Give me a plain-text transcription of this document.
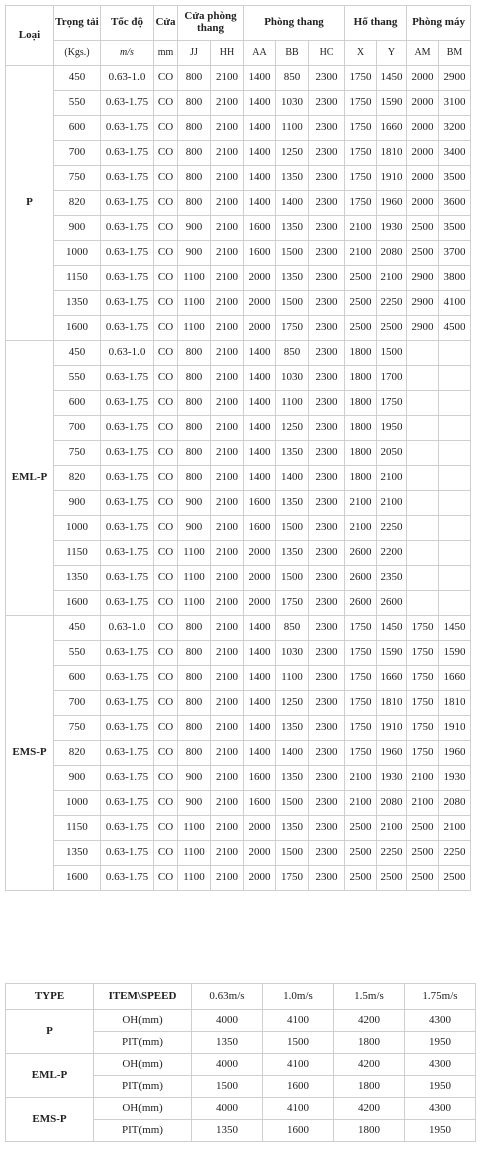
Loại	Trọng tải	Tốc độ	Cửa	Cửa phòng thang		Phòng thang			Hố thang		Phòng máy	
	(Kgs.)	m/s	mm	JJ	HH	AA	BB	HC	X	Y	AM	BM
P	450	0.63-1.0	CO	800	2100	1400	850	2300	1750	1450	2000	2900
	550	0.63-1.75	CO	800	2100	1400	1030	2300	1750	1590	2000	3100
	600	0.63-1.75	CO	800	2100	1400	1100	2300	1750	1660	2000	3200
	700	0.63-1.75	CO	800	2100	1400	1250	2300	1750	1810	2000	3400
	750	0.63-1.75	CO	800	2100	1400	1350	2300	1750	1910	2000	3500
	820	0.63-1.75	CO	800	2100	1400	1400	2300	1750	1960	2000	3600
	900	0.63-1.75	CO	900	2100	1600	1350	2300	2100	1930	2500	3500
	1000	0.63-1.75	CO	900	2100	1600	1500	2300	2100	2080	2500	3700
	1150	0.63-1.75	CO	1100	2100	2000	1350	2300	2500	2100	2900	3800
	1350	0.63-1.75	CO	1100	2100	2000	1500	2300	2500	2250	2900	4100
	1600	0.63-1.75	CO	1100	2100	2000	1750	2300	2500	2500	2900	4500
EML-P	450	0.63-1.0	CO	800	2100	1400	850	2300	1800	1500		
	550	0.63-1.75	CO	800	2100	1400	1030	2300	1800	1700		
	600	0.63-1.75	CO	800	2100	1400	1100	2300	1800	1750		
	700	0.63-1.75	CO	800	2100	1400	1250	2300	1800	1950		
	750	0.63-1.75	CO	800	2100	1400	1350	2300	1800	2050		
	820	0.63-1.75	CO	800	2100	1400	1400	2300	1800	2100		
	900	0.63-1.75	CO	900	2100	1600	1350	2300	2100	2100		
	1000	0.63-1.75	CO	900	2100	1600	1500	2300	2100	2250		
	1150	0.63-1.75	CO	1100	2100	2000	1350	2300	2600	2200		
	1350	0.63-1.75	CO	1100	2100	2000	1500	2300	2600	2350		
	1600	0.63-1.75	CO	1100	2100	2000	1750	2300	2600	2600		
EMS-P	450	0.63-1.0	CO	800	2100	1400	850	2300	1750	1450	1750	1450
	550	0.63-1.75	CO	800	2100	1400	1030	2300	1750	1590	1750	1590
	600	0.63-1.75	CO	800	2100	1400	1100	2300	1750	1660	1750	1660
	700	0.63-1.75	CO	800	2100	1400	1250	2300	1750	1810	1750	1810
	750	0.63-1.75	CO	800	2100	1400	1350	2300	1750	1910	1750	1910
	820	0.63-1.75	CO	800	2100	1400	1400	2300	1750	1960	1750	1960
	900	0.63-1.75	CO	900	2100	1600	1350	2300	2100	1930	2100	1930
	1000	0.63-1.75	CO	900	2100	1600	1500	2300	2100	2080	2100	2080
	1150	0.63-1.75	CO	1100	2100	2000	1350	2300	2500	2100	2500	2100
	1350	0.63-1.75	CO	1100	2100	2000	1500	2300	2500	2250	2500	2250
	1600	0.63-1.75	CO	1100	2100	2000	1750	2300	2500	2500	2500	2500
TYPE	ITEM\SPEED	0.63m/s	1.0m/s	1.5m/s	1.75m/s
P	OH(mm)	4000	4100	4200	4300
	PIT(mm)	1350	1500	1800	1950
EML-P	OH(mm)	4000	4100	4200	4300
	PIT(mm)	1500	1600	1800	1950
EMS-P	OH(mm)	4000	4100	4200	4300
	PIT(mm)	1350	1600	1800	1950
